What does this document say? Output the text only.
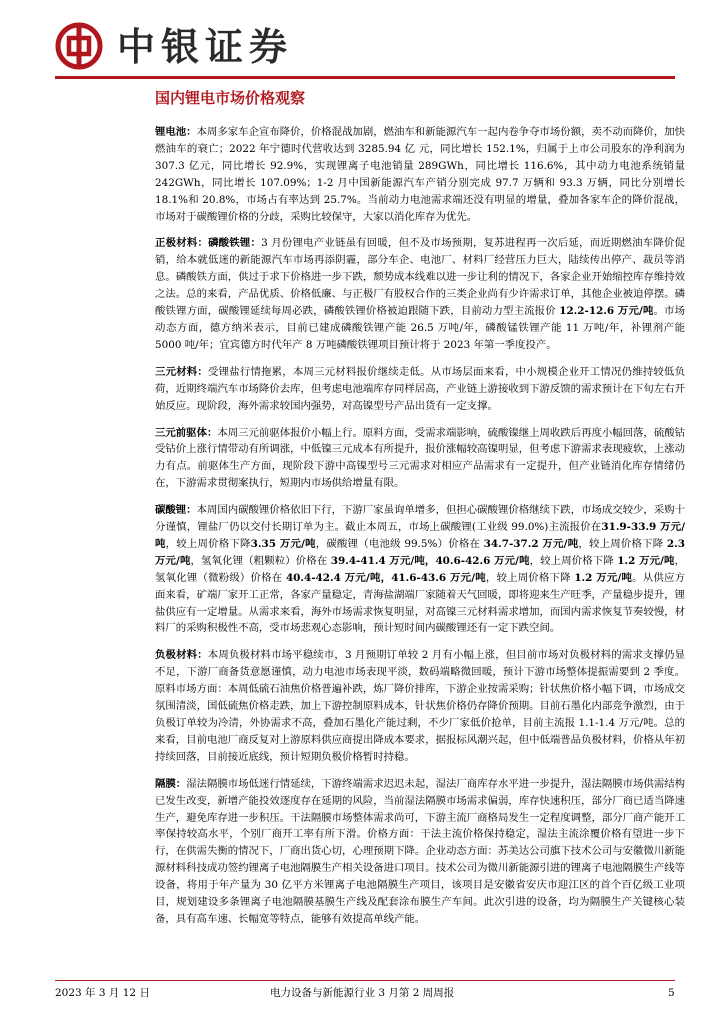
中银证券
国内锂电市场价格观察

锂电池：本周多家车企宣布降价，价格混战加剧，燃油车和新能源汽车一起内卷争夺市场份额，卖不动而降价，加快燃油车的衰亡；2022 年宁德时代营收达到 3285.94 亿 元，同比增长 152.1%，归属于上市公司股东的净利润为 307.3 亿元，同比增长 92.9%，实现锂离子电池销量 289GWh，同比增长 116.6%，其中动力电池系统销量 242GWh，同比增长 107.09%；1-2 月中国新能源汽车产销分别完成 97.7 万辆和 93.3 万辆，同比分别增长 18.1%和 20.8%，市场占有率达到 25.7%。当前动力电池需求端还没有明显的增量，叠加各家车企的降价混战，市场对于碳酸锂价格的分歧，采购比较保守，大家以消化库存为优先。

正极材料：磷酸铁锂：3 月份锂电产业链虽有回暖，但不及市场预期，复苏进程再一次后延，而近期燃油车降价促销，给本就低迷的新能源汽车市场再添阴霾，部分车企、电池厂、材料厂经营压力巨大，陆续传出停产、裁员等消息。磷酸铁方面，供过于求下价格进一步下跌，颓势成本线难以进一步让利的情况下，各家企业开始缩控库存维持效之法。总的来看，产品优质、价格低廉、与正极厂有股权合作的三类企业尚有少许需求订单，其他企业被迫停摆。磷酸铁锂方面，碳酸锂延续每周必跌，磷酸铁锂价格被迫跟随下跌，目前动力型主流报价 12.2-12.6 万元/吨。市场动态方面，德方纳米表示，目前已建成磷酸铁锂产能 26.5 万吨/年，磷酸锰铁锂产能 11 万吨/年，补锂剂产能 5000 吨/年；宜宾德方时代年产 8 万吨磷酸铁锂项目预计将于 2023 年第一季度投产。

三元材料：受锂盐行情拖累，本周三元材料报价继续走低。从市场层面来看，中小规模企业开工情况仍维持较低负荷，近期终端汽车市场降价去库，但考虑电池端库存同样居高，产业链上游接收到下游反馈的需求预计在下旬左右开始反应。现阶段，海外需求较国内强势，对高镍型号产品出货有一定支撑。

三元前驱体：本周三元前驱体报价小幅上行。原料方面，受需求端影响，硫酸镍继上周收跌后再度小幅回落，硫酸钴受钴价上涨行情带动有所调涨，中低镍三元成本有所提升，报价涨幅较高镍明显，但考虑下游需求表现疲软，上涨动力有点。前驱体生产方面，现阶段下游中高镍型号三元需求对相应产品需求有一定提升，但产业链消化库存情绪仍在，下游需求贯彻案执行，短期内市场供给增量有限。

碳酸锂：本周国内碳酸锂价格依旧下行，下游厂家虽询单增多，但担心碳酸锂价格继续下跌，市场成交较少，采购十分谨慎，锂盐厂仍以交付长期订单为主。截止本周五，市场上碳酸锂(工业级 99.0%)主流报价在31.9-33.9 万元/吨，较上周价格下降3.35 万元/吨，碳酸锂（电池级 99.5%）价格在 34.7-37.2 万元/吨，较上周价格下降 2.3 万元/吨，氢氧化锂（粗颗粒）价格在 39.4-41.4 万元/吨，40.6-42.6 万元/吨，较上周价格下降 1.2 万元/吨，氢氧化锂（微粉级）价格在 40.4-42.4 万元/吨，41.6-43.6 万元/吨，较上周价格下降 1.2 万元/吨。从供应方面来看，矿端厂家开工正常，各家产量稳定，青海盐湖端厂家随着天气回暖，即将迎来生产旺季，产量稳步提升，锂盐供应有一定增量。从需求来看，海外市场需求恢复明显，对高镍三元材料需求增加，而国内需求恢复节奏较慢，材料厂的采购积极性不高，受市场悲观心态影响，预计短时间内碳酸锂还有一定下跌空间。

负极材料：本周负极材料市场平稳续市，3 月预期订单较 2 月有小幅上涨，但目前市场对负极材料的需求支撑仍显不足，下游厂商备货意愿谨慎，动力电池市场表现平淡，数码端略微回暖，预计下游市场整体提振需要到 2 季度。原料市场方面：本周低硫石油焦价格普遍补跌，炼厂降价排库，下游企业按需采购；针状焦价格小幅下调，市场成交氛围清淡，国低硫焦价格走跌，加上下游控制原料成本，针状焦价格仍存降价预期。目前石墨化内部竞争激烈，由于负极订单较为冷清，外协需求不高，叠加石墨化产能过剩，不少厂家低价抢单，目前主流报 1.1-1.4 万元/吨。总的来看，目前电池厂商反复对上游原料供应商提出降成本要求，据报标风潮兴起，但中低端普品负极材料，价格从年初持续回落，目前接近底线，预计短期负极价格暂时持稳。

隔膜：湿法隔膜市场低迷行情延续，下游终端需求迟迟未起，湿法厂商库存水平进一步提升，湿法隔膜市场供需结构已发生改变，新增产能投效逐度存在延期的风险，当前湿法隔膜市场需求偏弱，库存快速积压，部分厂商已适当降速生产，避免库存进一步积压。干法隔膜市场整体需求尚可，下游主流厂商格局发生一定程度调整，部分厂商产能开工率保持较高水平，个别厂商开工率有所下滑。价格方面：干法主流价格保持稳定，湿法主流涂覆价格有望进一步下行，在供需失衡的情况下，厂商出货心切，心理预期下降。企业动态方面：苏美达公司旗下技术公司与安徽微川新能源材料科技成功签约锂离子电池隔膜生产相关设备进口项目。技术公司为微川新能源引进的锂离子电池隔膜生产线等设备，将用于年产量为 30 亿平方米锂离子电池隔膜生产项目，该项目是安徽省安庆市迎江区的首个百亿级工业项目，规划建设多条锂离子电池隔膜基膜生产线及配套涂布膜生产车间。此次引进的设备，均为隔膜生产关键核心装备，具有高车速、长幅宽等特点，能够有效提高单线产能。

2023 年 3 月 12 日	电力设备与新能源行业 3 月第 2 周周报	5
